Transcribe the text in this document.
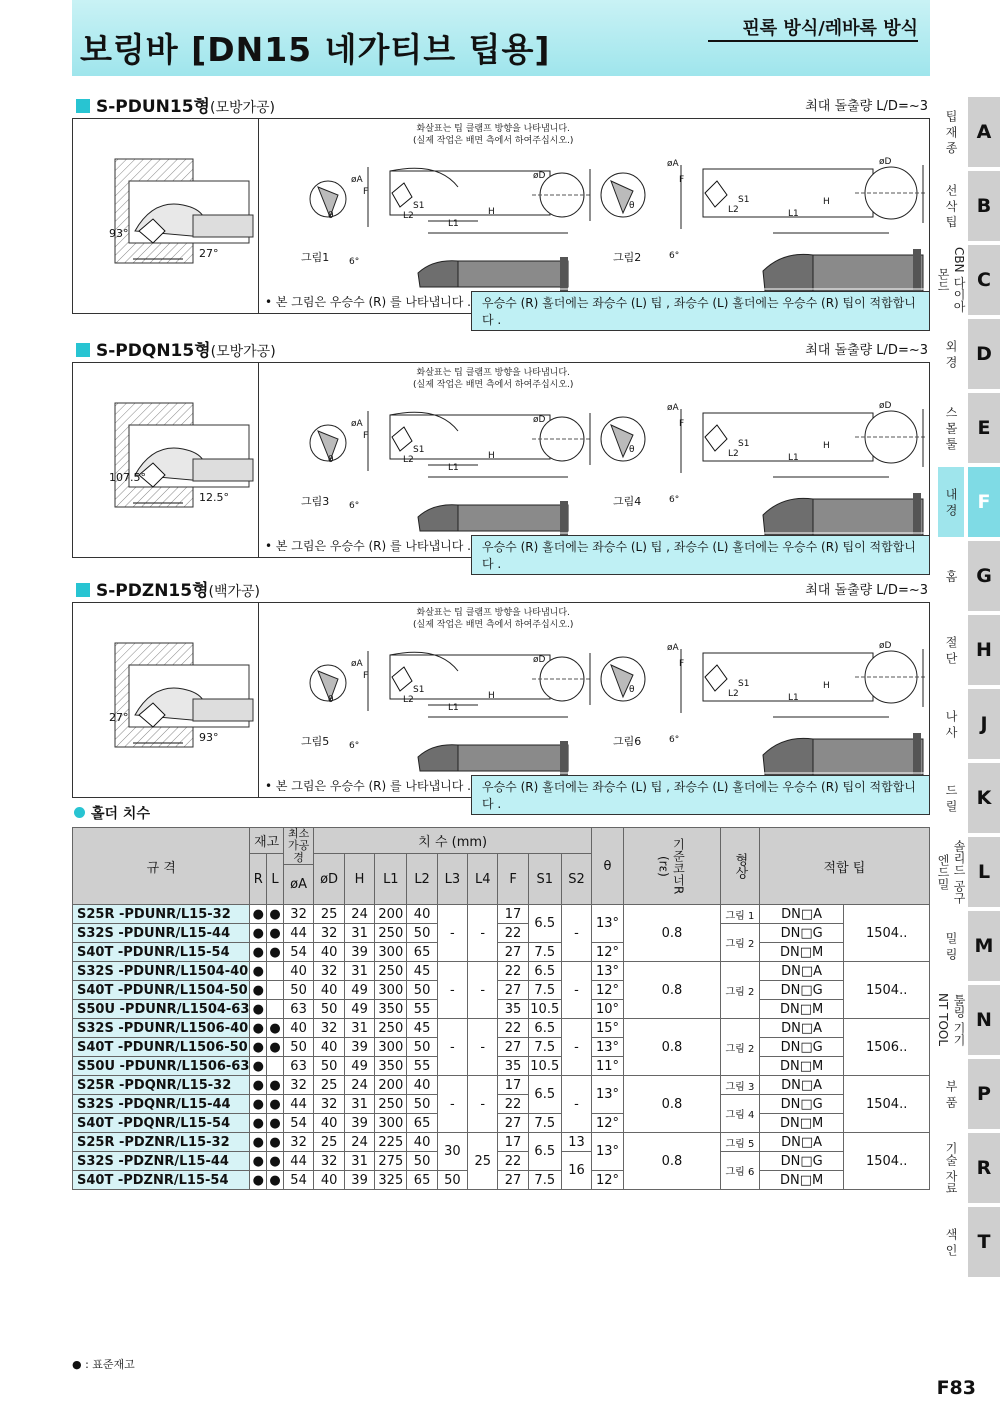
보링바 [DN15 네가티브 팁용]
핀록 방식/레바록 방식
팁 재 종 A
선 삭 팁 B
CBN 다이아몬드	C
외 경 D
스 몰 툴	E
내 경	F
홈 G
절 단 H
나 사	J
드 릴 K
솔리드 공구 엔드밀	L
밀 링 M
툴링 기기 NT TOOL	N
부 품	P
기술 자료 R
색 인	T
S-PDUN15형(모방가공)	최대 돌출량 L/D=~3
93°
27°
화살표는 팁 클램프 방향을 나타냅니다.
(실제 작업은 배면 측에서 하여주십시오.)
øA
F
θ
S1
L2
L1
H
øD
øA
F
θ
S1
L2	L1
H
øD
6°
6°
그림1	그림2
• 본 그림은 우승수 (R) 를 나타냅니다 . 우승수 (R) 홀더에는 좌승수 (L) 팁 , 좌승수 (L) 홀더에는 우승수 (R) 팁이 적합합니다 .
S-PDQN15형(모방가공)	최대 돌출량 L/D=~3
107.5°
12.5°
화살표는 팁 클램프 방향을 나타냅니다.
(실제 작업은 배면 측에서 하여주십시오.)
øA
F
θ
S1
L2
L1
H
øD
øA
F
θ
S1
L2	L1
H
øD
6°
6°
그림3	그림4
• 본 그림은 우승수 (R) 를 나타냅니다 . 우승수 (R) 홀더에는 좌승수 (L) 팁 , 좌승수 (L) 홀더에는 우승수 (R) 팁이 적합합니다 .
S-PDZN15형(백가공)	최대 돌출량 L/D=~3
27°
93°
화살표는 팁 클램프 방향을 나타냅니다.
(실제 작업은 배면 측에서 하여주십시오.)
øA
F
θ
S1
L2
L1
H
øD
øA
F
θ
S1
L2	L1
H
øD
6°
6°
그림5	그림6
• 본 그림은 우승수 (R) 를 나타냅니다 . 우승수 (R) 홀더에는 좌승수 (L) 팁 , 좌승수 (L) 홀더에는 우승수 (R) 팁이 적합합니다 .
홀더 치수
규 격	재고		최소 가공경	치 수 (mm)									θ	기준코너R (rε)	형상	적합 팁	
	R	L		øD	H	L1	L2	L3	L4	F	S1	S2					
			øA														
S25R -PDUNR/L15-32	●	●	32	25	24	200	40	-	-	17	6.5	-	13°	0.8	그림 1	DN□A	1504..
S32S -PDUNR/L15-44	●	●	44	32	31	250	50			22					그림 2	DN□G	
S40T -PDUNR/L15-54	●	●	54	40	39	300	65			27	7.5		12°			DN□M	
S32S -PDUNR/L1504-40	●		40	32	31	250	45	-	-	22	6.5	-	13°	0.8	그림 2	DN□A	1504..
S40T -PDUNR/L1504-50	●		50	40	49	300	50			27	7.5		12°			DN□G	
S50U -PDUNR/L1504-63	●		63	50	49	350	55			35	10.5		10°			DN□M	
S32S -PDUNR/L1506-40	●	●	40	32	31	250	45	-	-	22	6.5	-	15°	0.8	그림 2	DN□A	1506..
S40T -PDUNR/L1506-50	●	●	50	40	39	300	50			27	7.5		13°			DN□G	
S50U -PDUNR/L1506-63	●		63	50	49	350	55			35	10.5		11°			DN□M	
S25R -PDQNR/L15-32	●	●	32	25	24	200	40	-	-	17	6.5	-	13°	0.8	그림 3	DN□A	1504..
S32S -PDQNR/L15-44	●	●	44	32	31	250	50			22					그림 4	DN□G	
S40T -PDQNR/L15-54	●	●	54	40	39	300	65			27	7.5		12°			DN□M	
S25R -PDZNR/L15-32	●	●	32	25	24	225	40	30	25	17	6.5	13	13°	0.8	그림 5	DN□A	1504..
S32S -PDZNR/L15-44	●	●	44	32	31	275	50			22		16			그림 6	DN□G	
S40T -PDZNR/L15-54	●	●	54	40	39	325	65	50		27	7.5		12°			DN□M	
● : 표준재고
F83
